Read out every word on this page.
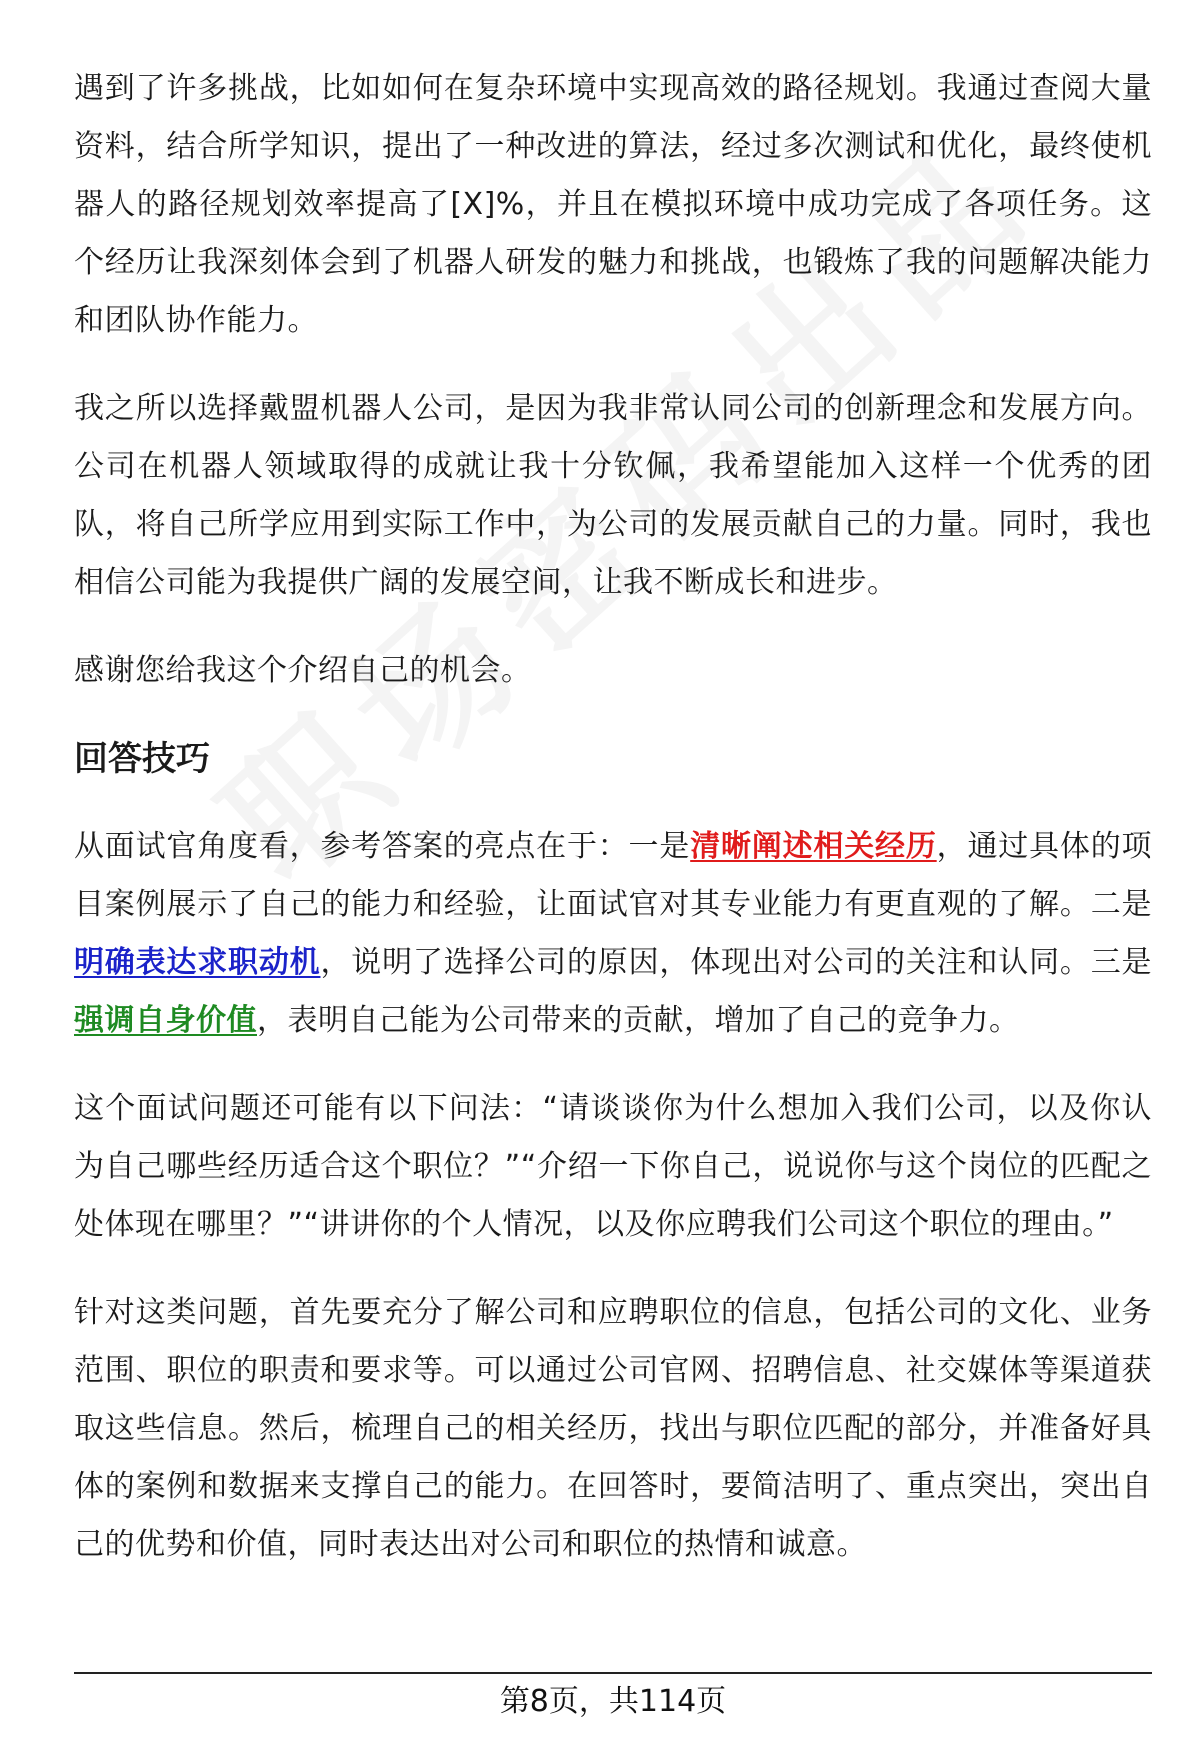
遇到了许多挑战，比如如何在复杂环境中实现高效的路径规划。我通过查阅大量资料，结合所学知识，提出了一种改进的算法，经过多次测试和优化，最终使机器人的路径规划效率提高了[X]%，并且在模拟环境中成功完成了各项任务。这个经历让我深刻体会到了机器人研发的魅力和挑战，也锻炼了我的问题解决能力和团队协作能力。

我之所以选择戴盟机器人公司，是因为我非常认同公司的创新理念和发展方向。公司在机器人领域取得的成就让我十分钦佩，我希望能加入这样一个优秀的团队，将自己所学应用到实际工作中，为公司的发展贡献自己的力量。同时，我也相信公司能为我提供广阔的发展空间，让我不断成长和进步。

感谢您给我这个介绍自己的机会。

回答技巧

从面试官角度看，参考答案的亮点在于：一是清晰阐述相关经历，通过具体的项目案例展示了自己的能力和经验，让面试官对其专业能力有更直观的了解。二是明确表达求职动机，说明了选择公司的原因，体现出对公司的关注和认同。三是强调自身价值，表明自己能为公司带来的贡献，增加了自己的竞争力。

这个面试问题还可能有以下问法：“请谈谈你为什么想加入我们公司，以及你认为自己哪些经历适合这个职位？”“介绍一下你自己，说说你与这个岗位的匹配之处体现在哪里？”“讲讲你的个人情况，以及你应聘我们公司这个职位的理由。”

针对这类问题，首先要充分了解公司和应聘职位的信息，包括公司的文化、业务范围、职位的职责和要求等。可以通过公司官网、招聘信息、社交媒体等渠道获取这些信息。然后，梳理自己的相关经历，找出与职位匹配的部分，并准备好具体的案例和数据来支撑自己的能力。在回答时，要简洁明了、重点突出，突出自己的优势和价值，同时表达出对公司和职位的热情和诚意。

第8页，共114页
